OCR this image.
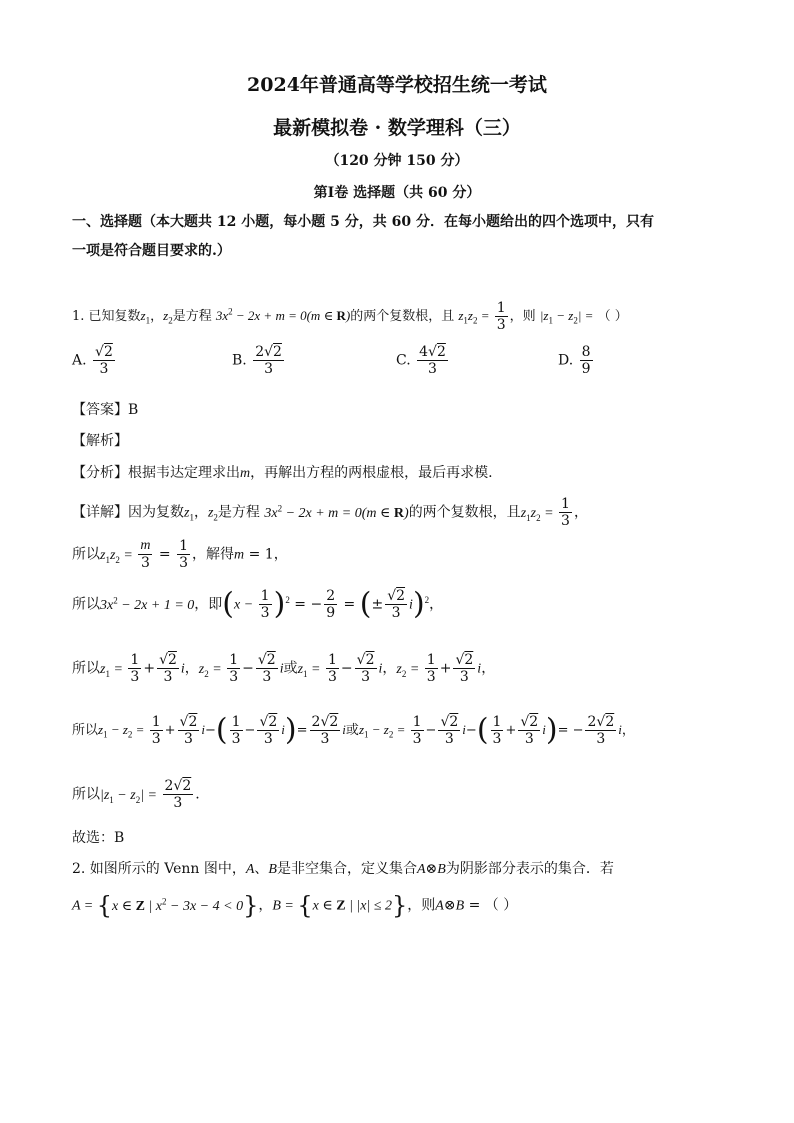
2024年普通高等学校招生统一考试
最新模拟卷 · 数学理科（三）
（120 分钟 150 分）
第Ⅰ卷 选择题（共 60 分）
一、选择题（本大题共 12 小题，每小题 5 分，共 60 分．在每小题给出的四个选项中，只有
一项是符合题目要求的.）
1. 已知复数$z_1$，$z_2$是方程 $3x^2 - 2x + m = 0(m$ ∈ R)的两个复数根，且 $z_1z_2 = \frac{1}{3}$ ，则 $|z_1 - z_2|$ = （ ）
A. $\frac{√2}{3}$	B. $\frac{2√2}{3}$	C. $\frac{4√2}{3}$	D. $\frac{8}{9}$
【答案】B
【解析】
【分析】根据韦达定理求出m，再解出方程的两根虚根，最后再求模.
【详解】因为复数$z_1$，$z_2$是方程 $3x^2 - 2x + m = 0(m$ ∈ R)的两个复数根，且$z_1z_2 = \frac{1}{3}$ ，
所以$z_1z_2 = \frac{m}{3} = \frac{1}{3}$ ，解得m = 1，
所以$3x^2 - 2x + 1 = 0$，即$(x - \frac{1}{3} )^2$ = − $\frac{2}{9}$ = (± $\frac{√2}{3} i)^2$，
所以$z_1 = \frac{1}{3} + \frac{√2}{3}$ i，$z_2 = \frac{1}{3} - \frac{√2}{3}$ i或$z_1 = \frac{1}{3} - \frac{√2}{3}$ i，$z_2 = \frac{1}{3} + \frac{√2}{3}$ i，
所以$z_1 - z_2 = \frac{1}{3} + \frac{√2}{3} i-( \frac{1}{3} - \frac{√2}{3} i)= \frac{2√2}{3}$ i或$z_1 - z_2 = \frac{1}{3} - \frac{√2}{3} i-( \frac{1}{3} + \frac{√2}{3} i)= - \frac{2√2}{3}$ i，
所以$|z_1 - z_2| = \frac{2√2}{3}$ .
故选：B
2. 如图所示的 Venn 图中，A、B是非空集合，定义集合A⊗B为阴影部分表示的集合．若
A = {x ∈ Z | $x^2 - 3x - 4 < 0$}，B = {x ∈ Z | |x| ≤ 2}，则A⊗B = （ ）
